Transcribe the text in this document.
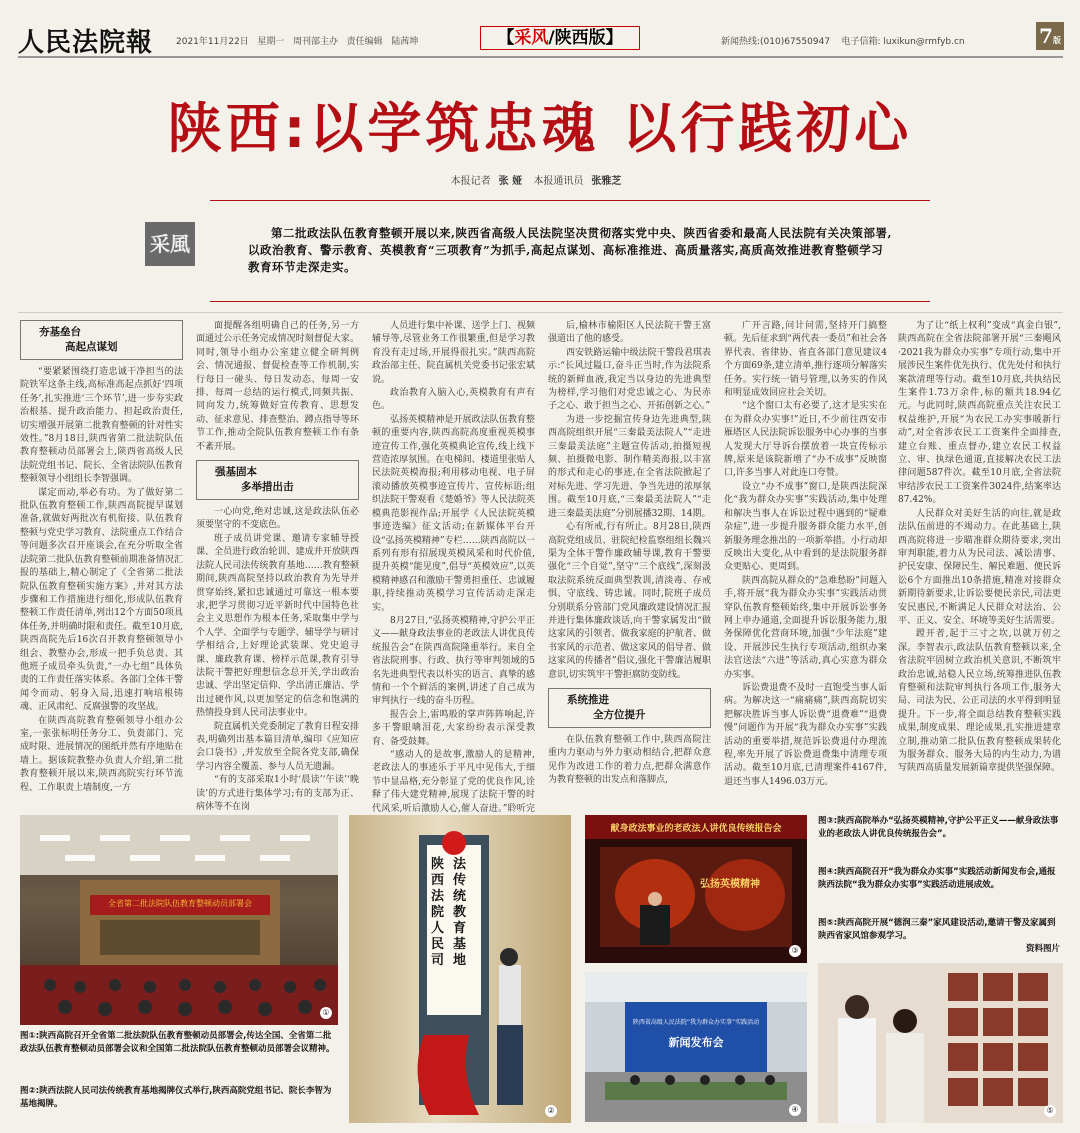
人民法院報	2021年11月22日 星期一 周刊部主办 责任编辑 陆茜坤	【采风/陕西版】	新闻热线:(010)67550947 电子信箱: luxikun@rmfyb.cn	7版
陕西:以学筑忠魂 以行践初心
本报记者 张 娅 本报通讯员 张雅芝
采風	第二批政法队伍教育整顿开展以来,陕西省高级人民法院坚决贯彻落实党中央、陕西省委和最高人民法院有关决策部署,以政治教育、警示教育、英模教育“三项教育”为抓手,高起点谋划、高标准推进、高质量落实,高质高效推进教育整顿学习教育环节走深走实。
夯基垒台
高起点谋划

“要紧紧围绕打造忠诚干净担当的法院铁军这条主线,高标准高起点抓好‘四项任务’,扎实推进‘三个环节’,进一步夯实政治根基、提升政治能力、担起政治责任,切实增强开展第二批教育整顿的针对性实效性。”8月18日,陕西省第二批法院队伍教育整顿动员部署会上,陕西省高级人民法院党组书记、院长、全省法院队伍教育整顿领导小组组长李智强调。

谋定而动,举必有功。为了做好第二批队伍教育整顿工作,陕西高院提早谋划准备,就做好两批次有机衔接、队伍教育整顿与党史学习教育、法院重点工作结合等问题多次召开座谈会,在充分听取全省法院第二批队伍教育整顿前期准备情况汇报的基础上,精心制定了《全省第二批法院队伍教育整顿实施方案》,并对其方法步骤和工作措施进行细化,形成队伍教育整顿工作责任清单,列出12个方面50项具体任务,并明确时限和责任。截至10月底,陕西高院先后16次召开教育整顿领导小组会、教整办会,形成一把手负总责、其他班子成员牵头负责,“一办七组”具体负责的工作责任落实体系。各部门全体干警闻令而动、躬身入局,迅速打响培根铸魂、正风肃纪、反腐强警的攻坚战。

在陕西高院教育整顿领导小组办公室,一张张标明任务分工、负责部门、完成时限、进展情况的图纸并然有序地贴在墙上。据该院教整办负责人介绍,第二批教育整顿开展以来,陕西高院实行环节流程、工作职责上墙制度,一方

面提醒各组明确自己的任务,另一方面通过公示任务完成情况时刻督促大家。同时,领导小组办公室建立健全研判例会、情况通报、督促检查等工作机制,实行每日一碰头、每日发动态、每周一安排、每周一总结的运行模式,同频共振、同向发力,统筹做好宣传教育、思想发动、征求意见、排查整治、蹲点指导等环节工作,推动全院队伍教育整顿工作有条不紊开展。

强基固本
多举措出击

一心向党,绝对忠诚,这是政法队伍必须要坚守的不变底色。

班子成员讲党课、邀请专家辅导授课、全员进行政治轮训、建成并开放陕西法院人民司法传统教育基地……教育整顿期间,陕西高院坚持以政治教育为先导并贯穿始终,紧扣忠诚通过可靠这一根本要求,把学习贯彻习近平新时代中国特色社会主义思想作为根本任务,采取集中学与个人学、全面学与专题学、辅导学与研讨学相结合,上好理论武装课、党史追寻课、廉政教育课、榜样示范课,教育引导法院干警把好理想信念总开关,学出政治忠诚、学出坚定信仰、学出清正廉洁、学出过硬作风,以更加坚定的信念和饱满的热情投身到人民司法事业中。

院直属机关党委制定了教育日程安排表,明确列出基本篇目清单,编印《应知应会口袋书》,并发放至全院各党支部,确保学习内容全覆盖、参与人员无遗漏。

“有的支部采取1小时‘晨读’‘午读’‘晚读’的方式进行集体学习;有的支部为正、病休等不在岗

人员进行集中补课、送学上门、视频辅导等,尽管业务工作很繁重,但是学习教育没有走过场,开展得很扎实。”陕西高院政治部主任、院直属机关党委书记张宏斌说。

政治教育入脑入心,英模教育有声有色。

弘扬英模精神是开展政法队伍教育整顿的重要内容,陕西高院高度重视英模事迹宣传工作,强化英模典论宣传,线上线下营造浓厚氛围。在电梯间、楼道里张贴人民法院英模海报;利用移动电视、电子屏滚动播放英模事迹宣传片、宣传标语;组织法院干警观看《楚婚爷》等人民法院英模典范影视作品;开展学《人民法院英模事迹选编》征文活动;在新媒体平台开设“弘扬英模精神”专栏……陕西高院以一系列有形有招展现英模风采和时代价值,提升英模“能见度”,倡导“英模效应”,以英模精神感召和激励干警勇担重任、忠诚履职,持续推动英模学习宣传活动走深走实。

8月27日,“弘扬英模精神,守护公平正义——献身政法事业的老政法人讲优良传统报告会”在陕西高院隆重举行。来自全省法院刑事、行政、执行等审判领域的5名先进典型代表以朴实的语言、真挚的感情和一个个鲜活的案例,讲述了自己成为审判执行一线的奋斗历程。

报告会上,雷鸣般的掌声阵阵响起,许多干警眼噙泪花,大家纷纷表示深受教育、备受鼓舞。

“感动人的是故事,激励人的是精神,老政法人的事迹乐于平凡中见伟大,于细节中显品格,充分彰显了党的优良作风,诠释了伟大建党精神,展现了法院干警的时代风采,听后激励人心,催人奋进。”聆听完

后,榆林市榆阳区人民法院干警王富强道出了他的感受。

西安铁路运输中级法院干警段君琪表示:“长风过隘口,奋斗正当时,作为法院系统的新鲜血液,我定当以身边的先进典型为榜样,学习他们对党忠诚之心、为民赤子之心、敢于担当之心、开拓创新之心。”

为进一步挖掘宣传身边先进典型,陕西高院组织开展“三秦最美法院人”“走进三秦最美法庭”主题宣传活动,拍摄短视频、拍摄微电影、制作精美海报,以丰富的形式和走心的事迹,在全省法院掀起了对标先进、学习先进、争当先进的浓厚氛围。截至10月底,“三秦最美法院人”“走进三秦最美法庭”分别展播32期、14期。

心有所戒,行有所止。8月28日,陕西高院党组成员、驻院纪检监察组组长魏兴渠为全体干警作廉政辅导课,教育干警要强化“三个自觉”,坚守“三个底线”,深刻汲取法院系统反面典型教训,清淡毒、存戒惧、守底线、铸忠诚。同时,院班子成员分别联系分管部门党风廉政建设情况汇报并进行集体廉政谈话,向干警家属发出“做这家风的引领者、做我家庭的护航者、做书家风的示范者、做这家风的倡导者、做这家风的传播者”倡议,强化干警廉洁履职意识,切实筑牢干警拒腐防变防线。

系统推进
全方位提升

在队伍教育整顿工作中,陕西高院注重内力驱动与外力驱动相结合,把群众意见作为改进工作的着力点,把群众满意作为教育整顿的出发点和落脚点,

广开言路,问计问需,坚持开门搞整顿。先后征求到“两代表一委员”和社会各界代表、省律协、省直各部门意见建议4个方面69条,建立清单,推行逐项分解落实任务。实行统一销号管理,以务实的作风和明显成效回应社会关切。

“这个窗口太有必要了,这才是实实在在为群众办实事!”近日,不少前往西安市雁塔区人民法院诉讼服务中心办事的当事人发现大厅导诉台摆放着一块宣传标示牌,原来是该院新增了“办不成事”反映窗口,许多当事人对此连口夸赞。

设立“办不成事”窗口,是陕西法院深化“我为群众办实事”实践活动,集中处理和解决当事人在诉讼过程中遇到的“疑难杂症”,进一步提升服务群众能力水平,创新服务理念推出的一项新举措。小行动却反映出大变化,从中看到的是法院服务群众更贴心、更周到。

陕西高院从群众的“急难愁盼”问题入手,将开展“我为群众办实事”实践活动贯穿队伍教育整顿始终,集中开展诉讼事务网上申办通道,全面提升诉讼服务能力,服务保障优化营商环境,加强“少年法庭”建设、开展涉民生执行专项活动,组织办案法官送法“六进”等活动,真心实意为群众办实事。

诉讼费退费不及时一直饱受当事人诟病。为解决这一“痛痛痛”,陕西高院切实把解决胜诉当事人诉讼费“退费难”“退费慢”问题作为开展“我为群众办实事”实践活动的重要举措,规范诉讼费退付办理流程,率先开展了诉讼费退费集中清理专项活动。截至10月底,已清理案件4167件,退还当事人1496.03万元。

为了让“纸上权利”变成“真金白银”,陕西高院在全省法院部署开展“三秦飓风·2021我为群众办实事”专项行动,集中开展涉民生案件优先执行、优先处付和执行案款清理等行动。截至10月底,共执结民生案件1.73万余件,标的额共18.94亿元。与此同时,陕西高院重点关注农民工权益维护,开展“为农民工办实事暖新行动”,对全省涉农民工工资案件全面排查,建立台账、重点督办,建立农民工权益立、审、执绿色通道,直接解决农民工法律问题587件次。截至10月底,全省法院审结涉农民工工资案件3024件,结案率达87.42%。

人民群众对美好生活的向往,就是政法队伍前进的不竭动力。在此基础上,陕西高院将进一步瞄准群众期待要求,突出审判职能,着力从为民司法、减讼清事、护民安康、保障民生、解民难题、便民诉讼6个方面推出10条措施,精准对接群众新期待新要求,让诉讼要便民亲民,司法更安民惠民,不断满足人民群众对法治、公平、正义、安全、环境等美好生活需要。

蹚开者,起于三寸之坎,以就万仞之深。李智表示,政法队伍教育整顿以来,全省法院牢固树立政治机关意识,不断筑牢政治忠诚,站稳人民立场,统筹推进队伍教育整顿和法院审判执行各项工作,服务大局、司法为民、公正司法的水平得到明显提升。下一步,将全面总结教育整顿实践成果,制度成果、理论成果,扎实推进建章立制,推动第二批队伍教育整顿成果转化为服务群众、服务大局的内生动力,为谱写陕西高质量发展新篇章提供坚强保障。

全省第二批法院队伍教育整顿动员部署会
①
陕西法院人民司
法传统教育基地
②
献身政法事业的老政法人讲优良传统报告会
弘扬英模精神
③
陕西省高级人民法院“我为群众办实事”实践活动
新闻发布会
④	⑤
图①:陕西高院召开全省第二批法院队伍教育整顿动员部署会,传达全国、全省第二批政法队伍教育整顿动员部署会议和全国第二批法院队伍教育整顿动员部署会议精神。
图②:陕西法院人民司法传统教育基地揭牌仪式举行,陕西高院党组书记、院长李智为基地揭牌。
图③:陕西高院举办“弘扬英模精神,守护公平正义——献身政法事业的老政法人讲优良传统报告会”。
图④:陕西高院召开“我为群众办实事”实践活动新闻发布会,通报陕西法院“我为群众办实事”实践活动进展成效。
图⑤:陕西高院开展“德润三秦”家风建设活动,邀请干警及家属到陕西省家风馆参观学习。
资料图片
